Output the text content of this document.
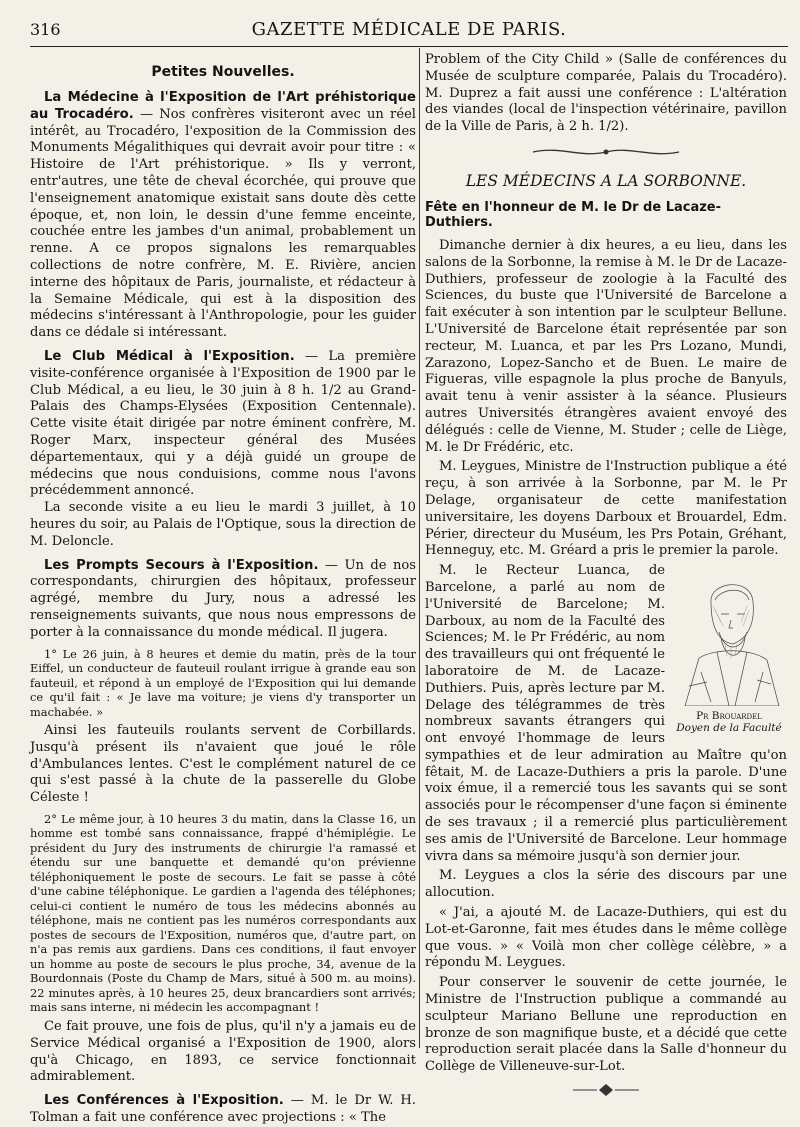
316	GAZETTE MÉDICALE DE PARIS.
Petites Nouvelles.

La Médecine à l'Exposition de l'Art préhistorique au Trocadéro. — Nos confrères visiteront avec un réel intérêt, au Trocadéro, l'exposition de la Commission des Monuments Mégalithiques qui devrait avoir pour titre : « Histoire de l'Art préhistorique. » Ils y verront, entr'autres, une tête de cheval écorchée, qui prouve que l'enseignement anatomique existait sans doute dès cette époque, et, non loin, le dessin d'une femme enceinte, couchée entre les jambes d'un animal, probablement un renne. A ce propos signalons les remarquables collections de notre confrère, M. E. Rivière, ancien interne des hôpitaux de Paris, journaliste, et rédacteur à la Semaine Médicale, qui est à la disposition des médecins s'intéressant à l'Anthropologie, pour les guider dans ce dédale si intéressant.

Le Club Médical à l'Exposition. — La première visite-conférence organisée à l'Exposition de 1900 par le Club Médical, a eu lieu, le 30 juin à 8 h. 1/2 au Grand-Palais des Champs-Elysées (Exposition Centennale). Cette visite était dirigée par notre éminent confrère, M. Roger Marx, inspecteur général des Musées départementaux, qui y a déjà guidé un groupe de médecins que nous conduisions, comme nous l'avons précédemment annoncé.

La seconde visite a eu lieu le mardi 3 juillet, à 10 heures du soir, au Palais de l'Optique, sous la direction de M. Deloncle.

Les Prompts Secours à l'Exposition. — Un de nos correspondants, chirurgien des hôpitaux, professeur agrégé, membre du Jury, nous a adressé les renseignements suivants, que nous nous empressons de porter à la connaissance du monde médical. Il jugera.

1° Le 26 juin, à 8 heures et demie du matin, près de la tour Eiffel, un conducteur de fauteuil roulant irrigue à grande eau son fauteuil, et répond à un employé de l'Exposition qui lui demande ce qu'il fait : « Je lave ma voiture; je viens d'y transporter un machabée. »

Ainsi les fauteuils roulants servent de Corbillards. Jusqu'à présent ils n'avaient que joué le rôle d'Ambulances lentes. C'est le complément naturel de ce qui s'est passé à la chute de la passerelle du Globe Céleste !

2° Le même jour, à 10 heures 3 du matin, dans la Classe 16, un homme est tombé sans connaissance, frappé d'hémiplégie. Le président du Jury des instruments de chirurgie l'a ramassé et étendu sur une banquette et demandé qu'on prévienne téléphoniquement le poste de secours. Le fait se passe à côté d'une cabine téléphonique. Le gardien a l'agenda des téléphones; celui-ci contient le numéro de tous les médecins abonnés au téléphone, mais ne contient pas les numéros correspondants aux postes de secours de l'Exposition, numéros que, d'autre part, on n'a pas remis aux gardiens. Dans ces conditions, il faut envoyer un homme au poste de secours le plus proche, 34, avenue de la Bourdonnais (Poste du Champ de Mars, situé à 500 m. au moins). 22 minutes après, à 10 heures 25, deux brancardiers sont arrivés; mais sans interne, ni médecin les accompagnant !

Ce fait prouve, une fois de plus, qu'il n'y a jamais eu de Service Médical organisé a l'Exposition de 1900, alors qu'à Chicago, en 1893, ce service fonctionnait admirablement.

Les Conférences à l'Exposition. — M. le Dr W. H. Tolman a fait une conférence avec projections : « The

Problem of the City Child » (Salle de conférences du Musée de sculpture comparée, Palais du Trocadéro). M. Duprez a fait aussi une conférence : L'altération des viandes (local de l'inspection vétérinaire, pavillon de la Ville de Paris, à 2 h. 1/2).

LES MÉDECINS A LA SORBONNE.
Fête en l'honneur de M. le Dr de Lacaze-Duthiers.

Dimanche dernier à dix heures, a eu lieu, dans les salons de la Sorbonne, la remise à M. le Dr de Lacaze-Duthiers, professeur de zoologie à la Faculté des Sciences, du buste que l'Université de Barcelone a fait exécuter à son intention par le sculpteur Bellune. L'Université de Barcelone était représentée par son recteur, M. Luanca, et par les Prs Lozano, Mundi, Zarazono, Lopez-Sancho et de Buen. Le maire de Figueras, ville espagnole la plus proche de Banyuls, avait tenu à venir assister à la séance. Plusieurs autres Universités étrangères avaient envoyé des délégués : celle de Vienne, M. Studer ; celle de Liège, M. le Dr Frédéric, etc.

M. Leygues, Ministre de l'Instruction publique a été reçu, à son arrivée à la Sorbonne, par M. le Pr Delage, organisateur de cette manifestation universitaire, les doyens Darboux et Brouardel, Edm. Périer, directeur du Muséum, les Prs Potain, Gréhant, Henneguy, etc. M. Gréard a pris le premier la parole.

Pr Brouardel
Doyen de la Faculté

M. le Recteur Luanca, de Barcelone, a parlé au nom de l'Université de Barcelone; M. Darboux, au nom de la Faculté des Sciences; M. le Pr Frédéric, au nom des travailleurs qui ont fréquenté le laboratoire de M. de Lacaze-Duthiers. Puis, après lecture par M. Delage des télégrammes de très nombreux savants étrangers qui ont envoyé l'hommage de leurs sympathies et de leur admiration au Maître qu'on fêtait, M. de Lacaze-Duthiers a pris la parole. D'une voix émue, il a remercié tous les savants qui se sont associés pour le récompenser d'une façon si éminente de ses travaux ; il a remercié plus particulièrement ses amis de l'Université de Barcelone. Leur hommage vivra dans sa mémoire jusqu'à son dernier jour.

M. Leygues a clos la série des discours par une allocution.

« J'ai, a ajouté M. de Lacaze-Duthiers, qui est du Lot-et-Garonne, fait mes études dans le même collège que vous. » « Voilà mon cher collège célèbre, » a répondu M. Leygues.

Pour conserver le souvenir de cette journée, le Ministre de l'Instruction publique a commandé au sculpteur Mariano Bellune une reproduction en bronze de son magnifique buste, et a décidé que cette reproduction serait placée dans la Salle d'honneur du Collège de Villeneuve-sur-Lot.
